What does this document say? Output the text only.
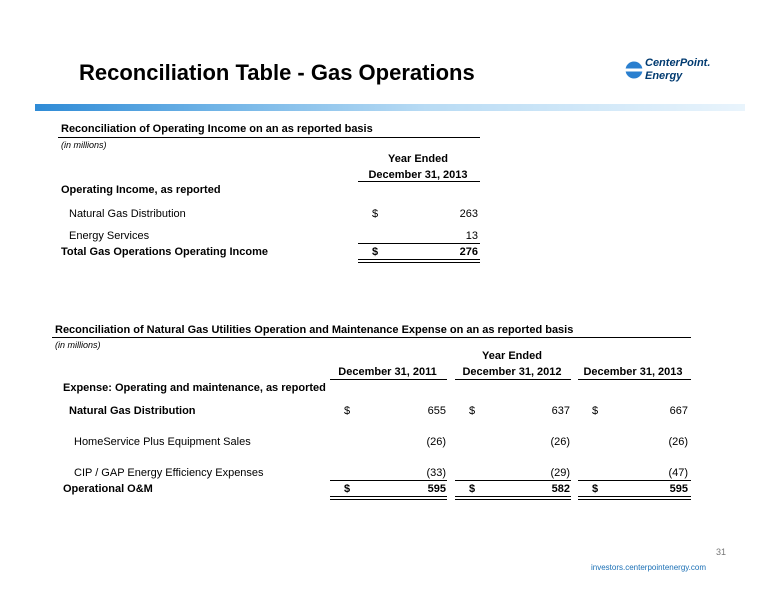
Reconciliation Table - Gas Operations	CenterPoint.
Energy
Reconciliation of Operating Income on an as reported basis
(in millions)
Year Ended
December 31, 2013
Operating Income, as reported
Natural Gas Distribution	$	263
Energy Services	13
Total Gas Operations Operating Income	$	276
Reconciliation of Natural Gas Utilities Operation and Maintenance Expense on an as reported basis
(in millions)
Year Ended
December 31, 2011	December 31, 2012	December 31, 2013
Expense: Operating and maintenance, as reported
Natural Gas Distribution	$	655 $	637 $	667
HomeService Plus Equipment Sales	(26)	(26)	(26)
CIP / GAP Energy Efficiency Expenses	(33)	(29)	(47)
Operational O&M	$	595 $	582 $	595
investors.centerpointenergy.com
31
